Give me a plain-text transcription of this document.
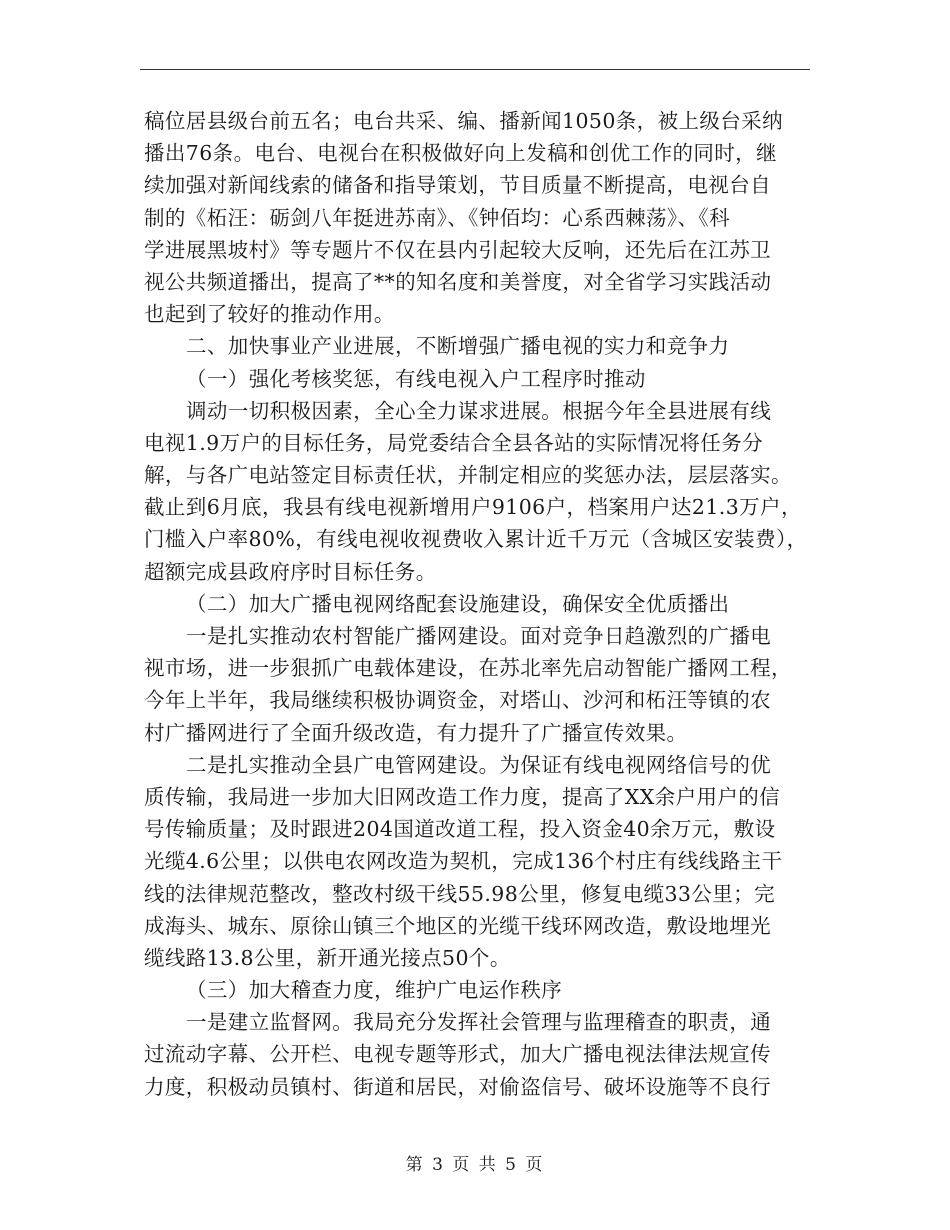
稿位居县级台前五名；电台共采、编、播新闻1050条，被上级台采纳
播出76条。电台、电视台在积极做好向上发稿和创优工作的同时，继
续加强对新闻线索的储备和指导策划，节目质量不断提高，电视台自
制的《柘汪：砺剑八年挺进苏南》、《钟佰均：心系西棘荡》、《科
学进展黑坡村》等专题片不仅在县内引起较大反响，还先后在江苏卫
视公共频道播出，提高了**的知名度和美誉度，对全省学习实践活动
也起到了较好的推动作用。
二、加快事业产业进展，不断增强广播电视的实力和竞争力
（一）强化考核奖惩，有线电视入户工程序时推动
调动一切积极因素，全心全力谋求进展。根据今年全县进展有线
电视1.9万户的目标任务，局党委结合全县各站的实际情况将任务分
解，与各广电站签定目标责任状，并制定相应的奖惩办法，层层落实。
截止到6月底，我县有线电视新增用户9106户，档案用户达21.3万户，
门槛入户率80%，有线电视收视费收入累计近千万元（含城区安装费），
超额完成县政府序时目标任务。
（二）加大广播电视网络配套设施建设，确保安全优质播出
一是扎实推动农村智能广播网建设。面对竞争日趋激烈的广播电
视市场，进一步狠抓广电载体建设，在苏北率先启动智能广播网工程，
今年上半年，我局继续积极协调资金，对塔山、沙河和柘汪等镇的农
村广播网进行了全面升级改造，有力提升了广播宣传效果。
二是扎实推动全县广电管网建设。为保证有线电视网络信号的优
质传输，我局进一步加大旧网改造工作力度，提高了XX余户用户的信
号传输质量；及时跟进204国道改道工程，投入资金40余万元，敷设
光缆4.6公里；以供电农网改造为契机，完成136个村庄有线线路主干
线的法律规范整改，整改村级干线55.98公里，修复电缆33公里；完
成海头、城东、原徐山镇三个地区的光缆干线环网改造，敷设地埋光
缆线路13.8公里，新开通光接点50个。
（三）加大稽查力度，维护广电运作秩序
一是建立监督网。我局充分发挥社会管理与监理稽查的职责，通
过流动字幕、公开栏、电视专题等形式，加大广播电视法律法规宣传
力度，积极动员镇村、街道和居民，对偷盗信号、破坏设施等不良行
第 3 页 共 5 页
